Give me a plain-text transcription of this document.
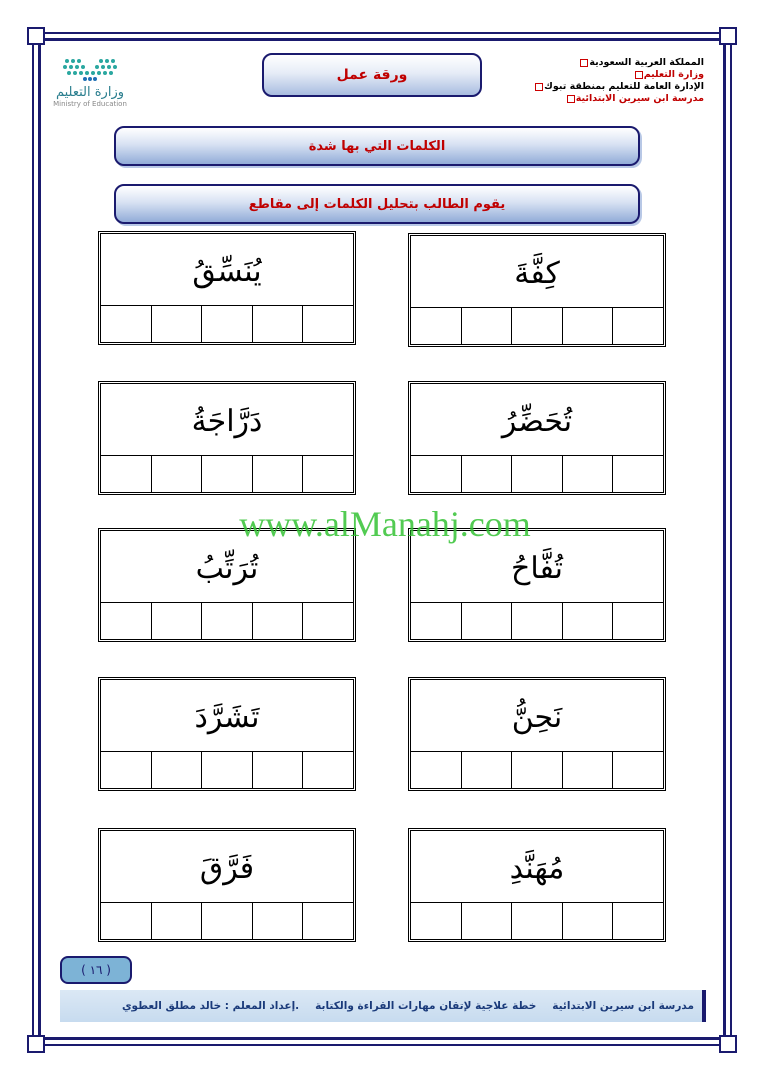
وزارة التعليم
Ministry of Education
ورقة عمل
المملكة العربية السعودية
وزارة التعليم
الإدارة العامة للتعليم بمنطقة تبوك
مدرسة ابن سيرين الابتدائية
الكلمات التي بها شدة
يقوم الطالب بتحليل الكلمات إلى مقاطع
كِفَّةَ
تُحَضِّرُ
تُفَّاحُ
نَحِنُّ
مُهَنَّدِ
يُنَسِّقُ
دَرَّاجَةُ
تُرَتِّبُ
تَشَرَّدَ
فَرَّقَ
www.alManahj.com
( ١٦ )
مدرسة ابن سيرين الابتدائية
خطة علاجية لإتقان مهارات القراءة والكتابة
.إعداد المعلم : خالد مطلق العطوي
